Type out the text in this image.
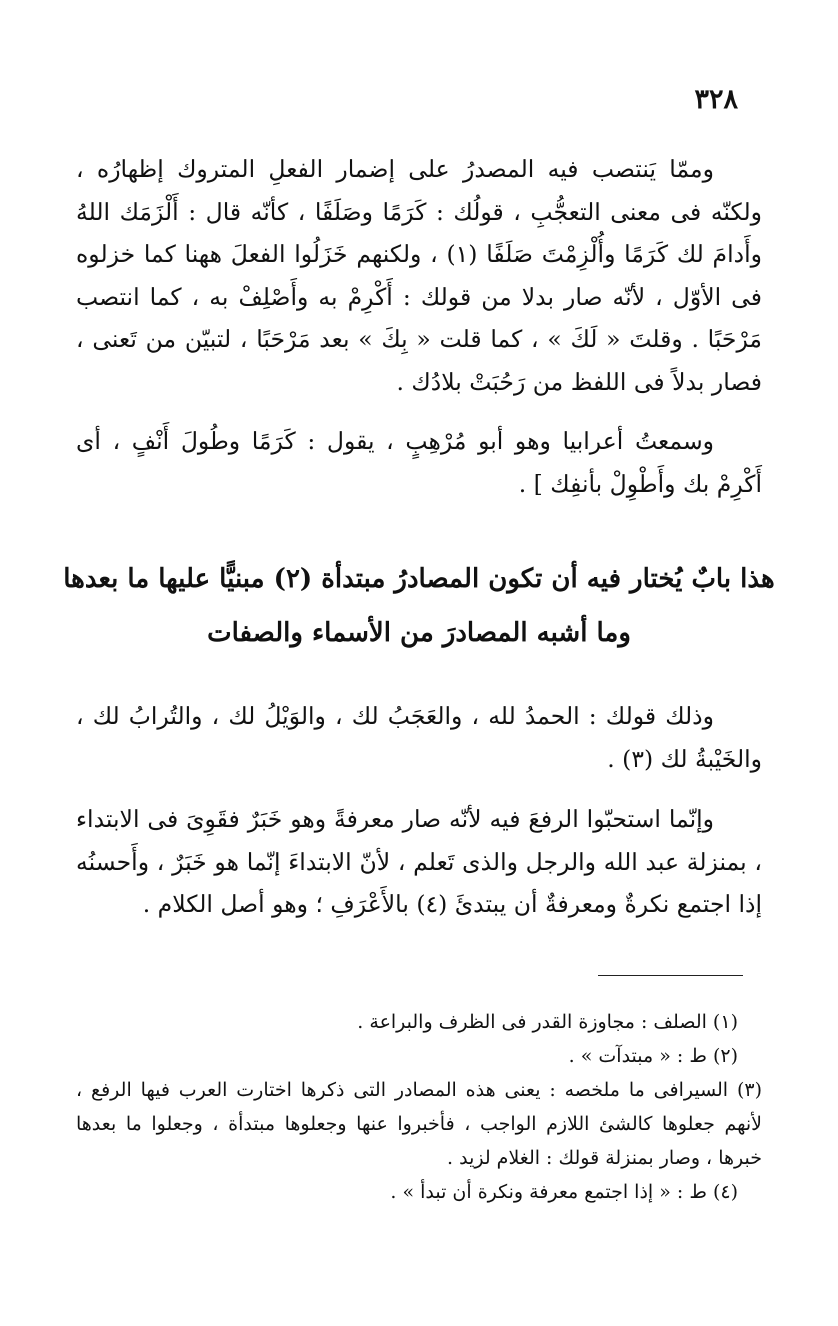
٣٢٨

وممّا يَنتصب فيه المصدرُ على إضمار الفعلِ المتروك إظهارُه ، ولكنّه فى معنى التعجُّبِ ، قولُك : كَرَمًا وصَلَفًا ، كأنّه قال : أَلْزَمَك اللهُ وأَدامَ لك كَرَمًا وأُلْزِمْتَ صَلَفًا (١) ، ولكنهم خَزَلُوا الفعلَ ههنا كما خزلوه فى الأوّل ، لأنّه صار بدلا من قولك : أَكْرِمْ به وأَصْلِفْ به ، كما انتصب مَرْحَبًا . وقلتَ « لَكَ » ، كما قلت « بِكَ » بعد مَرْحَبًا ، لتبيّن من تَعنى ، فصار بدلاً فى اللفظ من رَحُبَتْ بلادُك .

وسمعتُ أعرابيا وهو أبو مُرْهِبٍ ، يقول : كَرَمًا وطُولَ أَنْفٍ ، أى أَكْرِمْ بك وأَطْوِلْ بأنفِك ] .

هذا بابٌ يُختار فيه أن تكون المصادرُ مبتدأة (٢) مبنيًّا عليها ما بعدها
وما أشبه المصادرَ من الأسماء والصفات

وذلك قولك : الحمدُ لله ، والعَجَبُ لك ، والوَيْلُ لك ، والتُرابُ لك ، والخَيْبةُ لك (٣) .

وإنّما استحبّوا الرفعَ فيه لأنّه صار معرفةً وهو خَبَرٌ فقَوِىَ فى الابتداء ، بمنزلة عبد الله والرجل والذى تَعلم ، لأنّ الابتداءَ إنّما هو خَبَرٌ ، وأَحسنُه إذا اجتمع نكرةٌ ومعرفةٌ أن يبتدئَ (٤) بالأَعْرَفِ ؛ وهو أصل الكلام .

(١) الصلف : مجاوزة القدر فى الظرف والبراعة .

(٢) ط : « مبتدآت » .

(٣) السيرافى ما ملخصه : يعنى هذه المصادر التى ذكرها اختارت العرب فيها الرفع ، لأنهم جعلوها كالشئ اللازم الواجب ، فأخبروا عنها وجعلوها مبتدأة ، وجعلوا ما بعدها خبرها ، وصار بمنزلة قولك : الغلام لزيد .

(٤) ط : « إذا اجتمع معرفة ونكرة أن تبدأ » .
